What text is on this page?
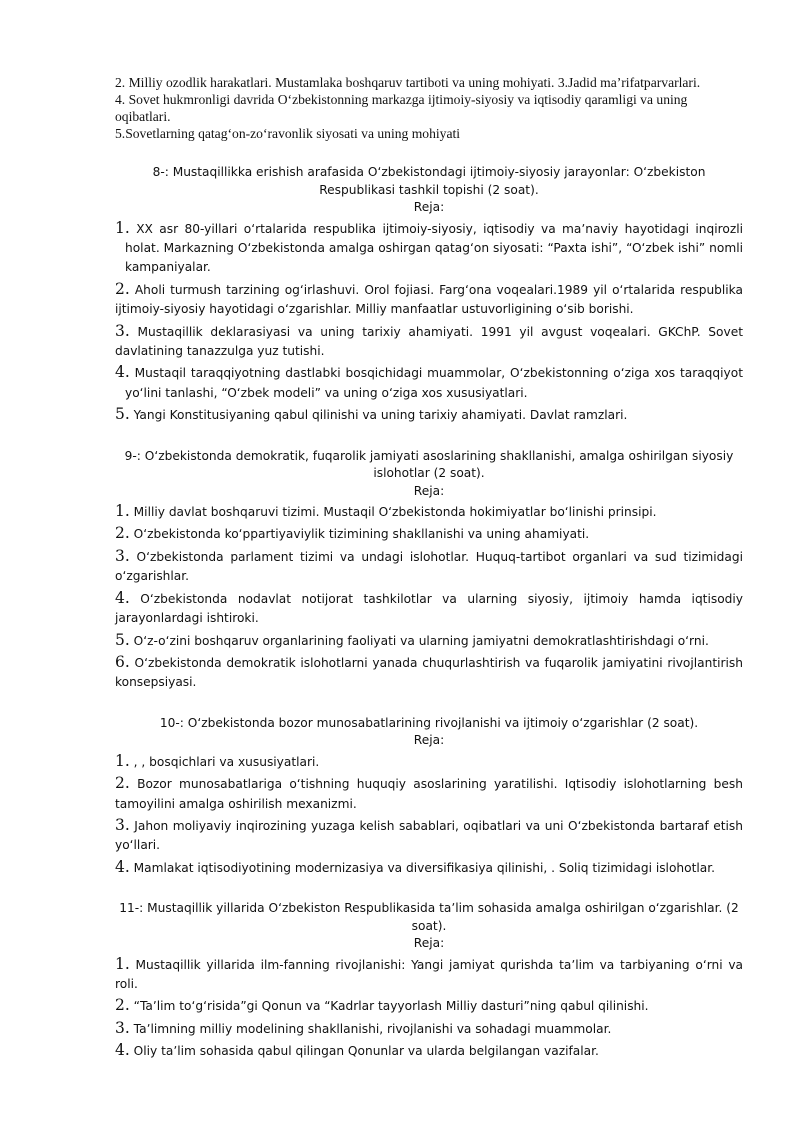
2. Milliy ozodlik harakatlari. Mustamlaka boshqaruv tartiboti va uning mohiyati. 3.Jadid maʼrifatparvarlari.

4. Sovet hukmronligi davrida Oʻzbekistonning markazga ijtimoiy-siyosiy va iqtisodiy qaramligi va uning oqibatlari.

5.Sovetlarning qatagʻon-zoʻravonlik siyosati va uning mohiyati

8-: Mustaqillikka erishish arafasida Oʻzbekistondagi ijtimoiy-siyosiy jarayonlar: Oʻzbekiston Respublikasi tashkil topishi (2 soat).

Reja:

1. XX asr 80-yillari oʻrtalarida respublika ijtimoiy-siyosiy, iqtisodiy va maʼnaviy hayotidagi inqirozli holat. Markazning Oʻzbekistonda amalga oshirgan qatagʻon siyosati: “Paxta ishi”, “Oʻzbek ishi” nomli kampaniyalar.

2. Aholi turmush tarzining ogʻirlashuvi. Orol fojiasi. Fargʻona voqealari.1989 yil oʻrtalarida respublika ijtimoiy-siyosiy hayotidagi oʻzgarishlar. Milliy manfaatlar ustuvorligining oʻsib borishi.

3. Mustaqillik deklarasiyasi va uning tarixiy ahamiyati. 1991 yil avgust voqealari. GKChP. Sovet davlatining tanazzulga yuz tutishi.

4. Mustaqil taraqqiyotning dastlabki bosqichidagi muammolar, Oʻzbekistonning oʻziga xos taraqqiyot yoʻlini tanlashi, “Oʻzbek modeli” va uning oʻziga xos xususiyatlari.

5. Yangi Konstitusiyaning qabul qilinishi va uning tarixiy ahamiyati. Davlat ramzlari.

9-: Oʻzbekistonda demokratik, fuqarolik jamiyati asoslarining shakllanishi, amalga oshirilgan siyosiy islohotlar (2 soat).

Reja:

1. Milliy davlat boshqaruvi tizimi. Mustaqil Oʻzbekistonda hokimiyatlar boʻlinishi prinsipi.

2. Oʻzbekistonda koʻppartiyaviylik tizimining shakllanishi va uning ahamiyati.

3. Oʻzbekistonda parlament tizimi va undagi islohotlar. Huquq-tartibot organlari va sud tizimidagi oʻzgarishlar.

4. Oʻzbekistonda nodavlat notijorat tashkilotlar va ularning siyosiy, ijtimoiy hamda iqtisodiy jarayonlardagi ishtiroki.

5. Oʻz-oʻzini boshqaruv organlarining faoliyati va ularning jamiyatni demokratlashtirishdagi oʻrni.

6. Oʻzbekistonda demokratik islohotlarni yanada chuqurlashtirish va fuqarolik jamiyatini rivojlantirish konsepsiyasi.

10-: Oʻzbekistonda bozor munosabatlarining rivojlanishi va ijtimoiy oʻzgarishlar (2 soat).

Reja:

1. , , bosqichlari va xususiyatlari.

2. Bozor munosabatlariga oʻtishning huquqiy asoslarining yaratilishi. Iqtisodiy islohotlarning besh tamoyilini amalga oshirilish mexanizmi.

3. Jahon moliyaviy inqirozining yuzaga kelish sabablari, oqibatlari va uni Oʻzbekistonda bartaraf etish yoʻllari.

4. Mamlakat iqtisodiyotining modernizasiya va diversifikasiya qilinishi, . Soliq tizimidagi islohotlar.

11-: Mustaqillik yillarida Oʻzbekiston Respublikasida taʼlim sohasida amalga oshirilgan oʻzgarishlar. (2 soat).

Reja:

1. Mustaqillik yillarida ilm-fanning rivojlanishi: Yangi jamiyat qurishda taʼlim va tarbiyaning oʻrni va roli.

2. “Taʼlim toʻgʻrisida”gi Qonun va “Kadrlar tayyorlash Milliy dasturi”ning qabul qilinishi.

3. Taʼlimning milliy modelining shakllanishi, rivojlanishi va sohadagi muammolar.

4. Oliy taʼlim sohasida qabul qilingan Qonunlar va ularda belgilangan vazifalar.
